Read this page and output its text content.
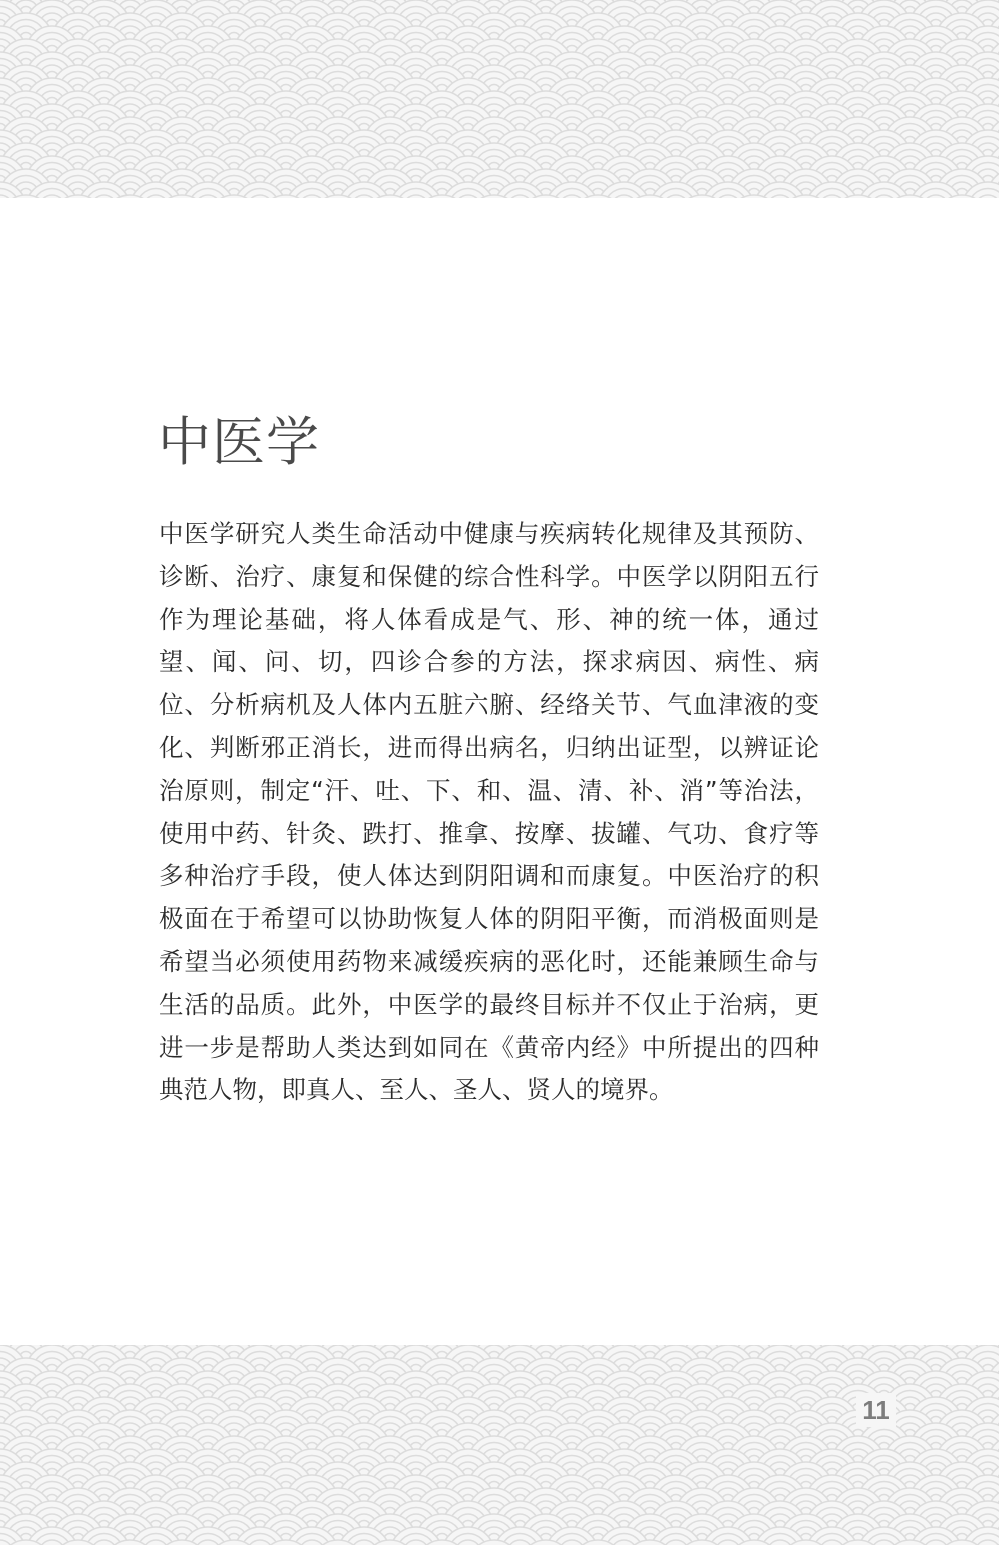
中医学
中医学研究人类生命活动中健康与疾病转化规律及其预防、
诊断、治疗、康复和保健的综合性科学。中医学以阴阳五行
作为理论基础，将人体看成是气、形、神的统一体，通过
望、闻、问、切，四诊合参的方法，探求病因、病性、病
位、分析病机及人体内五脏六腑、经络关节、气血津液的变
化、判断邪正消长，进而得出病名，归纳出证型，以辨证论
治原则，制定“汗、吐、下、和、温、清、补、消”等治法，
使用中药、针灸、跌打、推拿、按摩、拔罐、气功、食疗等
多种治疗手段，使人体达到阴阳调和而康复。中医治疗的积
极面在于希望可以协助恢复人体的阴阳平衡，而消极面则是
希望当必须使用药物来减缓疾病的恶化时，还能兼顾生命与
生活的品质。此外，中医学的最终目标并不仅止于治病，更
进一步是帮助人类达到如同在《黄帝内经》中所提出的四种
典范人物，即真人、至人、圣人、贤人的境界。
11
